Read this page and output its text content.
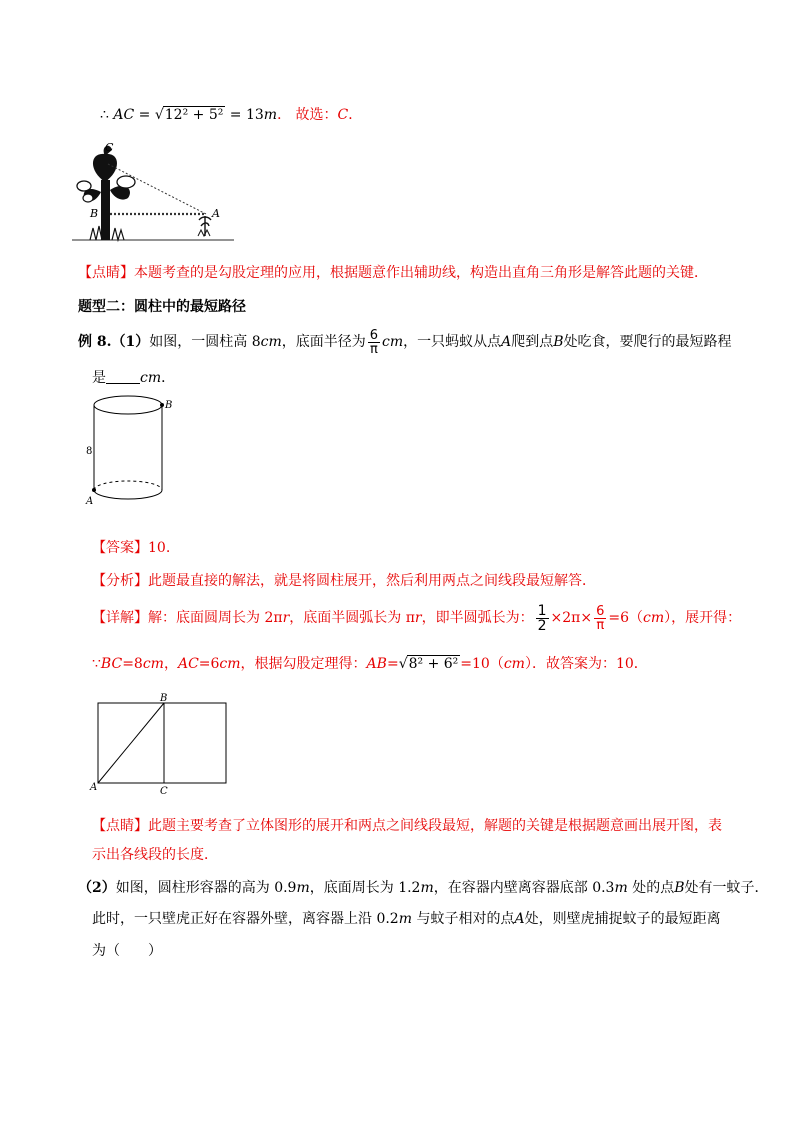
∴ AC = √12² + 5² = 13m． 故选：C．
C
B	A
【点睛】本题考查的是勾股定理的应用，根据题意作出辅助线，构造出直角三角形是解答此题的关键．
题型二：圆柱中的最短路径
例 8.（1）如图，一圆柱高 8cm，底面半径为 $\frac{6}{\pi}$ cm，一只蚂蚁从点A爬到点B处吃食，要爬行的最短路程
是 cm．
B
A
8
【答案】10.
【分析】此题最直接的解法，就是将圆柱展开，然后利用两点之间线段最短解答．
【详解】解：底面圆周长为 2πr，底面半圆弧长为 πr，即半圆弧长为： $\frac{1}{2} \times 2\pi\times \frac{6}{\pi} =6(cm)$，展开得：
∵BC=8cm，AC=6cm，根据勾股定理得：AB=√8² + 6² =10（cm）．故答案为：10．
B
A	C
【点睛】此题主要考查了立体图形的展开和两点之间线段最短，解题的关键是根据题意画出展开图，表
示出各线段的长度．
（2）如图，圆柱形容器的高为 0.9m，底面周长为 1.2m，在容器内壁离容器底部 0.3m 处的点B处有一蚊子．
此时，一只壁虎正好在容器外壁，离容器上沿 0.2m 与蚊子相对的点A处，则壁虎捕捉蚊子的最短距离
为（　　）
